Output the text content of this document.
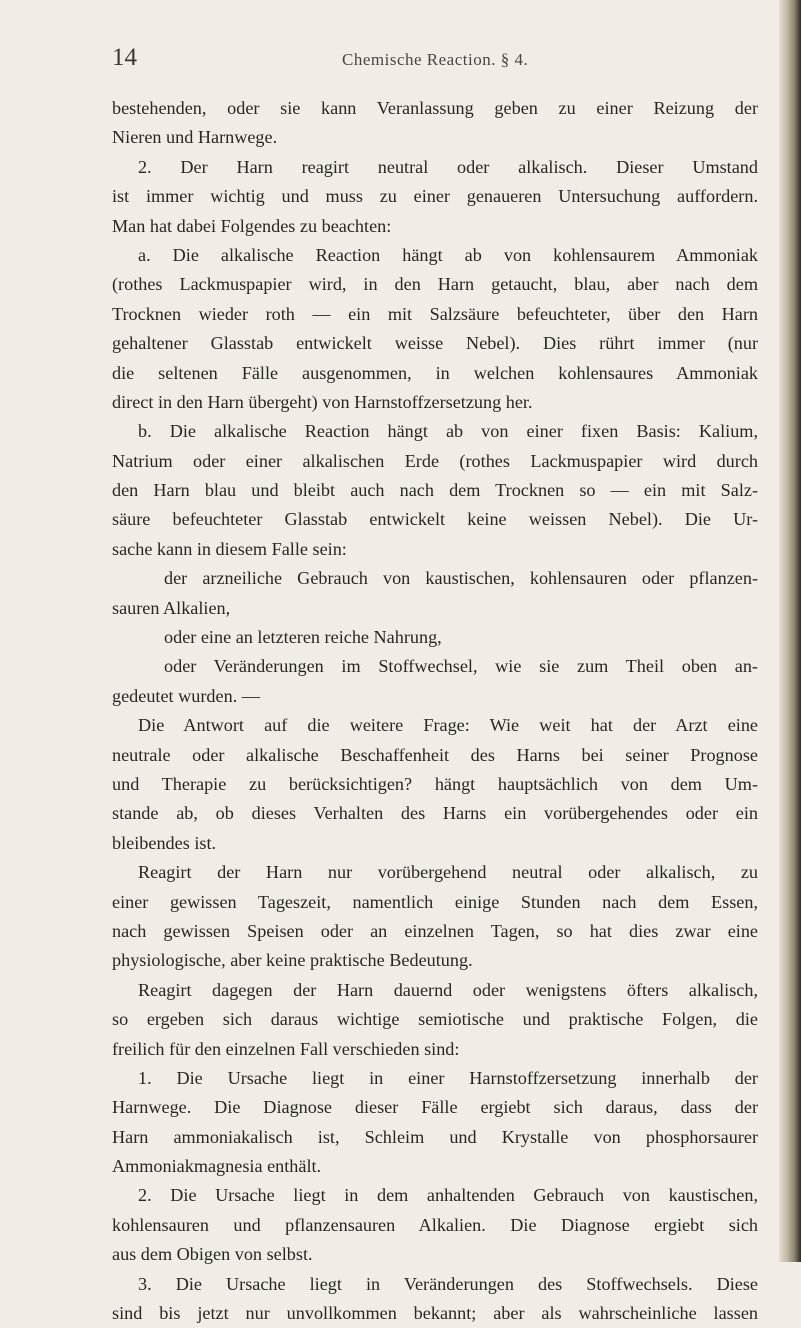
14	Chemische Reaction. § 4.
bestehenden, oder sie kann Veranlassung geben zu einer Reizung der
Nieren und Harnwege.
2. Der Harn reagirt neutral oder alkalisch. Dieser Umstand
ist immer wichtig und muss zu einer genaueren Untersuchung auffordern.
Man hat dabei Folgendes zu beachten:
a. Die alkalische Reaction hängt ab von kohlensaurem Ammoniak
(rothes Lackmuspapier wird, in den Harn getaucht, blau, aber nach dem
Trocknen wieder roth — ein mit Salzsäure befeuchteter, über den Harn
gehaltener Glasstab entwickelt weisse Nebel). Dies rührt immer (nur
die seltenen Fälle ausgenommen, in welchen kohlensaures Ammoniak
direct in den Harn übergeht) von Harnstoffzersetzung her.
b. Die alkalische Reaction hängt ab von einer fixen Basis: Kalium,
Natrium oder einer alkalischen Erde (rothes Lackmuspapier wird durch
den Harn blau und bleibt auch nach dem Trocknen so — ein mit Salz-
säure befeuchteter Glasstab entwickelt keine weissen Nebel). Die Ur-
sache kann in diesem Falle sein:
der arzneiliche Gebrauch von kaustischen, kohlensauren oder pflanzen-
sauren Alkalien,
oder eine an letzteren reiche Nahrung,
oder Veränderungen im Stoffwechsel, wie sie zum Theil oben an-
gedeutet wurden. —
Die Antwort auf die weitere Frage: Wie weit hat der Arzt eine
neutrale oder alkalische Beschaffenheit des Harns bei seiner Prognose
und Therapie zu berücksichtigen? hängt hauptsächlich von dem Um-
stande ab, ob dieses Verhalten des Harns ein vorübergehendes oder ein
bleibendes ist.
Reagirt der Harn nur vorübergehend neutral oder alkalisch, zu
einer gewissen Tageszeit, namentlich einige Stunden nach dem Essen,
nach gewissen Speisen oder an einzelnen Tagen, so hat dies zwar eine
physiologische, aber keine praktische Bedeutung.
Reagirt dagegen der Harn dauernd oder wenigstens öfters alkalisch,
so ergeben sich daraus wichtige semiotische und praktische Folgen, die
freilich für den einzelnen Fall verschieden sind:
1. Die Ursache liegt in einer Harnstoffzersetzung innerhalb der
Harnwege. Die Diagnose dieser Fälle ergiebt sich daraus, dass der
Harn ammoniakalisch ist, Schleim und Krystalle von phosphorsaurer
Ammoniakmagnesia enthält.
2. Die Ursache liegt in dem anhaltenden Gebrauch von kaustischen,
kohlensauren und pflanzensauren Alkalien. Die Diagnose ergiebt sich
aus dem Obigen von selbst.
3. Die Ursache liegt in Veränderungen des Stoffwechsels. Diese
sind bis jetzt nur unvollkommen bekannt; aber als wahrscheinliche lassen
